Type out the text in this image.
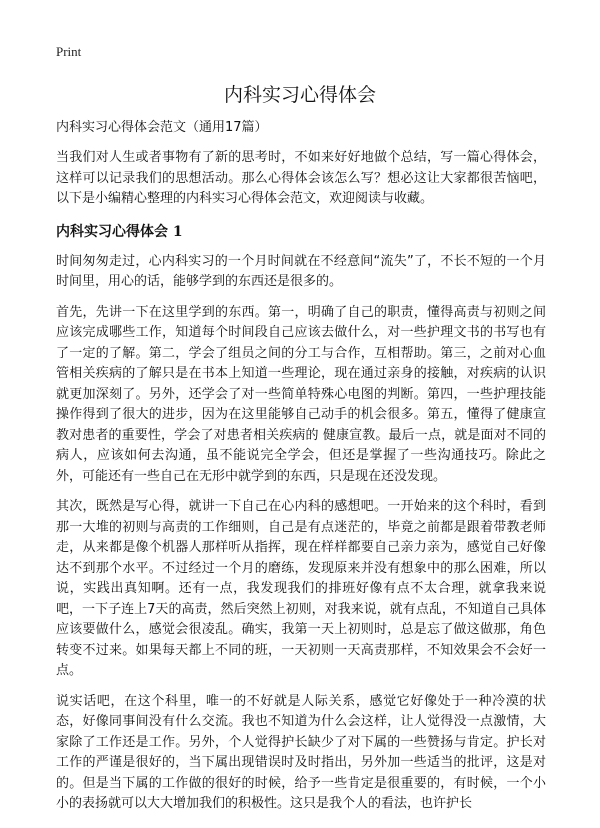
Print
内科实习心得体会

内科实习心得体会范文（通用17篇）

当我们对人生或者事物有了新的思考时，不如来好好地做个总结，写一篇心得体会，这样可以记录我们的思想活动。那么心得体会该怎么写？想必这让大家都很苦恼吧，以下是小编精心整理的内科实习心得体会范文，欢迎阅读与收藏。

内科实习心得体会 1

时间匆匆走过，心内科实习的一个月时间就在不经意间“流失”了，不长不短的一个月时间里，用心的话，能够学到的东西还是很多的。

首先，先讲一下在这里学到的东西。第一，明确了自己的职责，懂得高责与初则之间应该完成哪些工作，知道每个时间段自己应该去做什么，对一些护理文书的书写也有了一定的了解。第二，学会了组员之间的分工与合作，互相帮助。第三，之前对心血管相关疾病的了解只是在书本上知道一些理论，现在通过亲身的接触，对疾病的认识就更加深刻了。另外，还学会了对一些简单特殊心电图的判断。第四，一些护理技能操作得到了很大的进步，因为在这里能够自己动手的机会很多。第五，懂得了健康宣教对患者的重要性，学会了对患者相关疾病的 健康宣教。最后一点，就是面对不同的病人，应该如何去沟通，虽不能说完全学会，但还是掌握了一些沟通技巧。除此之外，可能还有一些自己在无形中就学到的东西，只是现在还没发现。

其次，既然是写心得，就讲一下自己在心内科的感想吧。一开始来的这个科时，看到那一大堆的初则与高责的工作细则，自己是有点迷茫的，毕竟之前都是跟着带教老师走，从来都是像个机器人那样听从指挥，现在样样都要自己亲力亲为，感觉自己好像达不到那个水平。不过经过一个月的磨练，发现原来并没有想象中的那么困难，所以说，实践出真知啊。还有一点，我发现我们的排班好像有点不太合理，就拿我来说吧，一下子连上7天的高责，然后突然上初则，对我来说，就有点乱，不知道自己具体应该要做什么，感觉会很凌乱。确实，我第一天上初则时，总是忘了做这做那，角色转变不过来。如果每天都上不同的班，一天初则一天高责那样，不知效果会不会好一点。

说实话吧，在这个科里，唯一的不好就是人际关系，感觉它好像处于一种冷漠的状态，好像同事间没有什么交流。我也不知道为什么会这样，让人觉得没一点激情，大家除了工作还是工作。另外，个人觉得护长缺少了对下属的一些赞扬与肯定。护长对工作的严谨是很好的，当下属出现错误时及时指出，另外加一些适当的批评，这是对的。但是当下属的工作做的很好的时候，给予一些肯定是很重要的，有时候，一个小小的表扬就可以大大增加我们的积极性。这只是我个人的看法，也许护长
